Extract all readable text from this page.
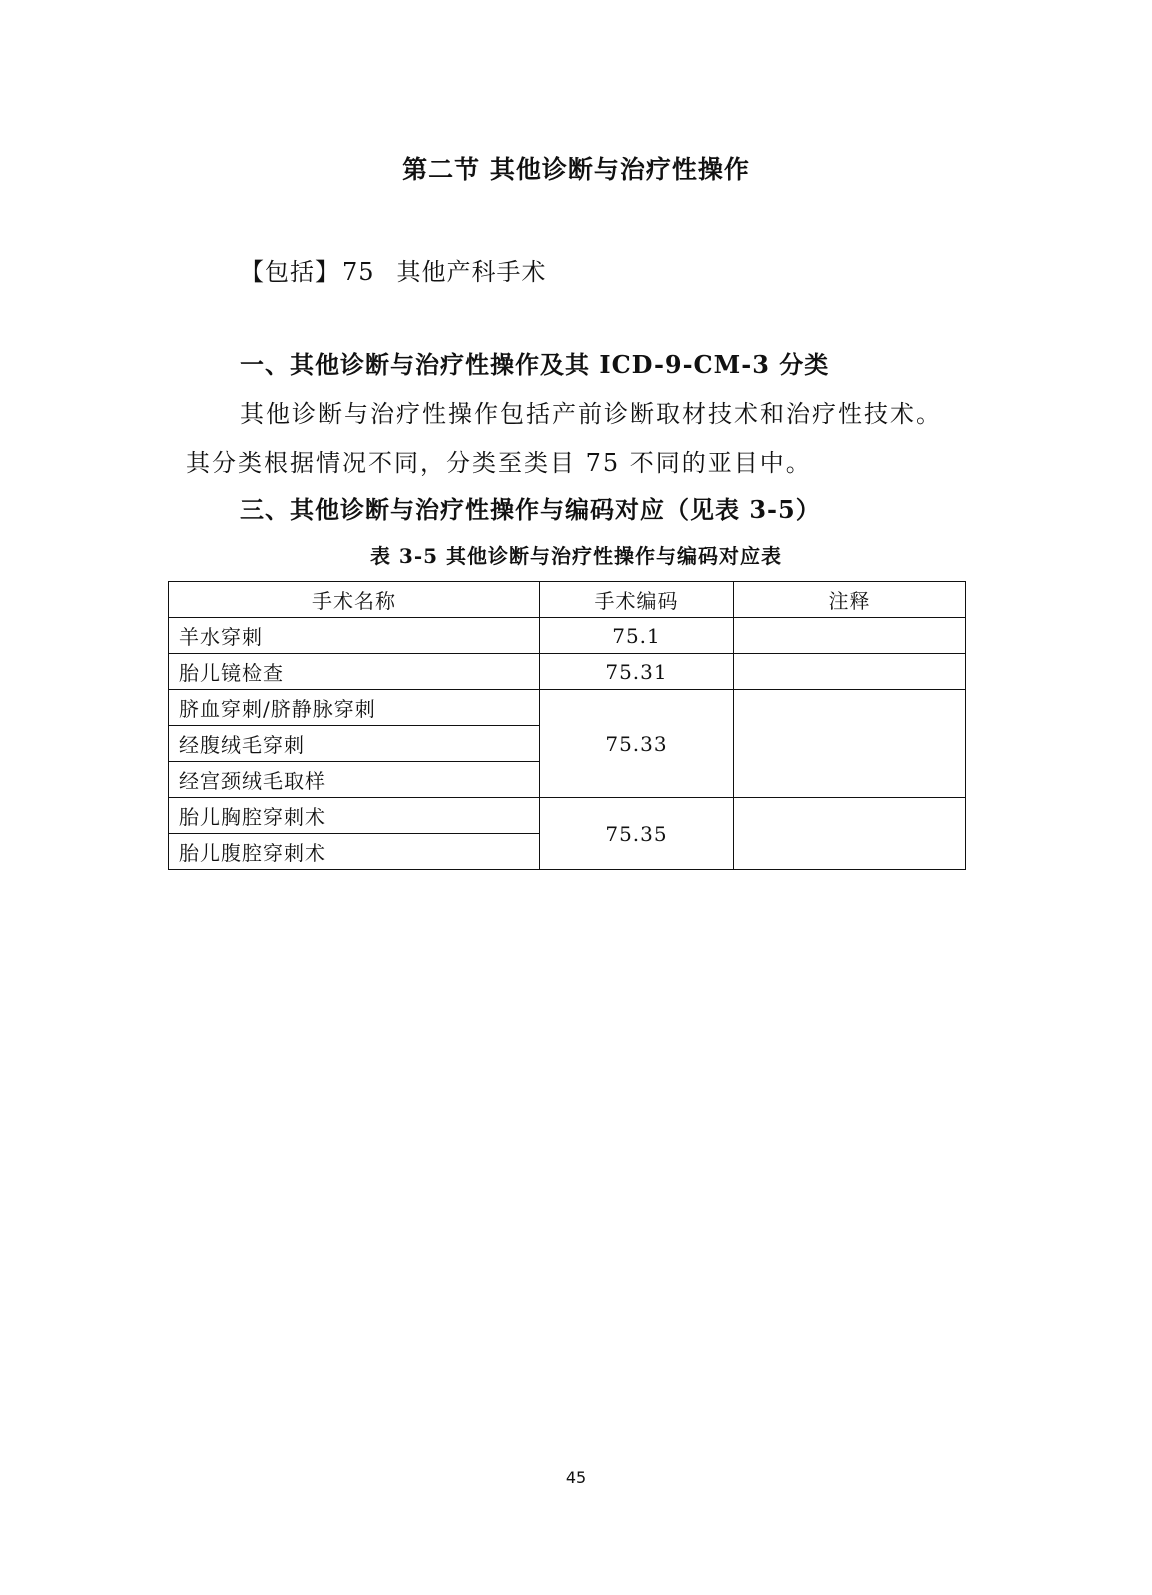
第二节 其他诊断与治疗性操作
【包括】75 其他产科手术
一、其他诊断与治疗性操作及其 ICD-9-CM-3 分类
其他诊断与治疗性操作包括产前诊断取材技术和治疗性技术。
其分类根据情况不同，分类至类目 75 不同的亚目中。
三、其他诊断与治疗性操作与编码对应（见表 3-5）
表 3-5 其他诊断与治疗性操作与编码对应表
手术名称	手术编码	注释
羊水穿刺	75.1	
胎儿镜检查	75.31	
脐血穿刺/脐静脉穿刺	75.33	
经腹绒毛穿刺		
经宫颈绒毛取样		
胎儿胸腔穿刺术	75.35	
胎儿腹腔穿刺术		
45
